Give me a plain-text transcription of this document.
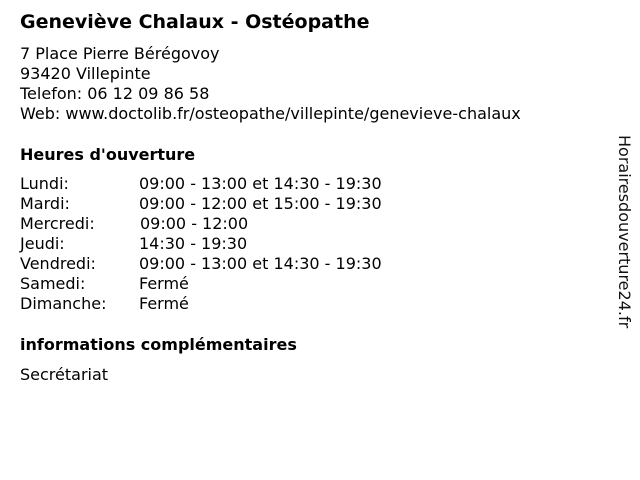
Geneviève Chalaux - Ostéopathe
7 Place Pierre Bérégovoy
93420 Villepinte
Telefon: 06 12 09 86 58
Web: www.doctolib.fr/osteopathe/villepinte/genevieve-chalaux
Heures d'ouverture
Lundi:	09:00 - 13:00 et 14:30 - 19:30
Mardi:	09:00 - 12:00 et 15:00 - 19:30
Mercredi:	09:00 - 12:00
Jeudi:	14:30 - 19:30
Vendredi:	09:00 - 13:00 et 14:30 - 19:30
Samedi:	Fermé
Dimanche: Fermé
informations complémentaires
Secrétariat
Horairesdouverture24.fr
